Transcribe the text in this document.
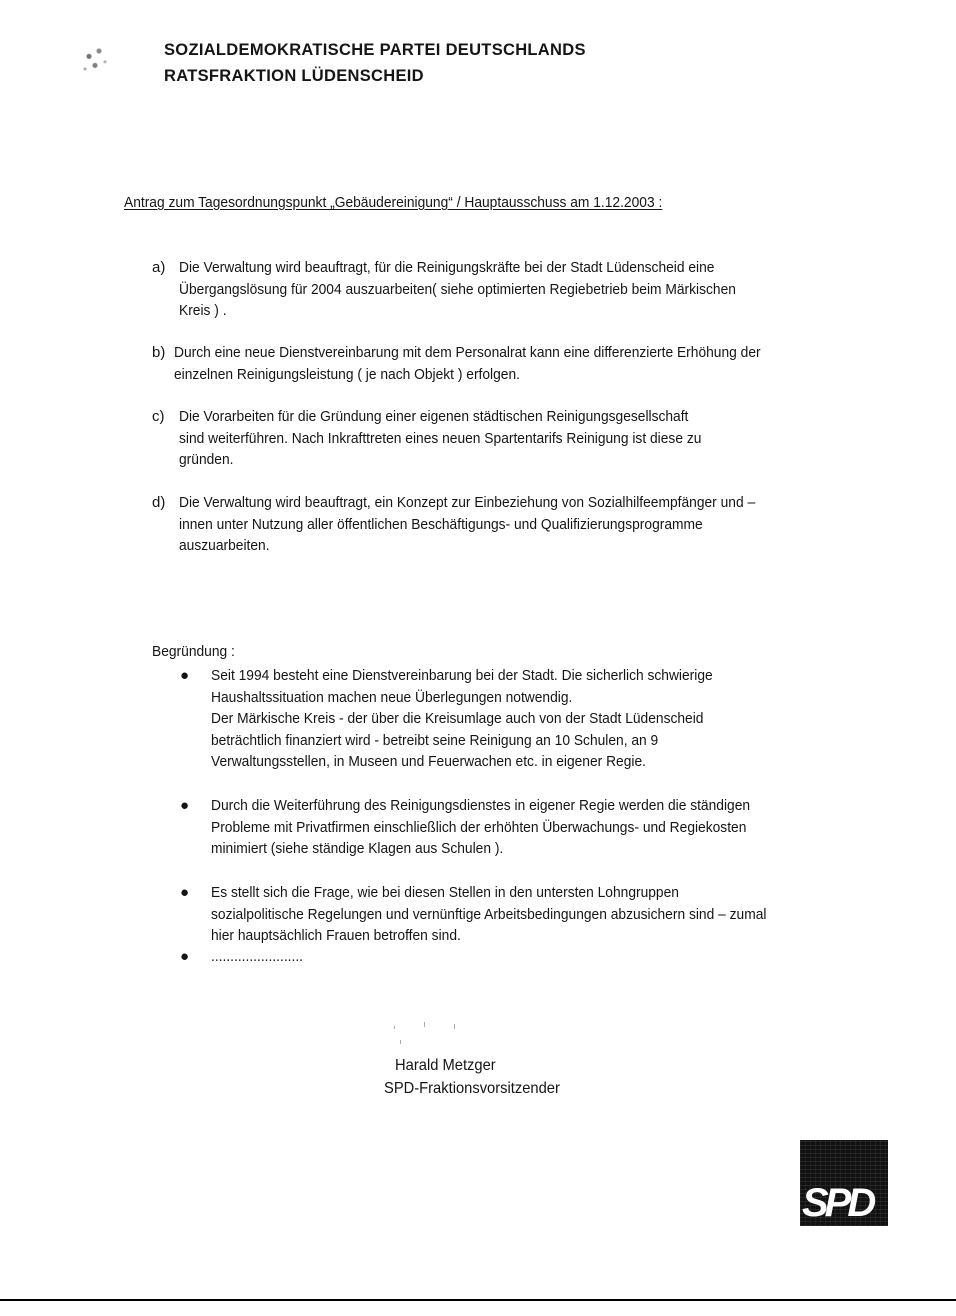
SOZIALDEMOKRATISCHE PARTEI DEUTSCHLANDS
RATSFRAKTION LÜDENSCHEID
Antrag zum Tagesordnungspunkt „Gebäudereinigung“ / Hauptausschuss am 1.12.2003 :
a) Die Verwaltung wird beauftragt, für die Reinigungskräfte bei der Stadt Lüdenscheid eine
Übergangslösung für 2004 auszuarbeiten( siehe optimierten Regiebetrieb beim Märkischen
Kreis ) .
b) Durch eine neue Dienstvereinbarung mit dem Personalrat kann eine differenzierte Erhöhung der
einzelnen Reinigungsleistung ( je nach Objekt ) erfolgen.
c) Die Vorarbeiten für die Gründung einer eigenen städtischen Reinigungsgesellschaft
sind weiterführen. Nach Inkrafttreten eines neuen Spartentarifs Reinigung ist diese zu
gründen.
d) Die Verwaltung wird beauftragt, ein Konzept zur Einbeziehung von Sozialhilfeempfänger und –
innen unter Nutzung aller öffentlichen Beschäftigungs- und Qualifizierungsprogramme
auszuarbeiten.
Begründung :
● Seit 1994 besteht eine Dienstvereinbarung bei der Stadt. Die sicherlich schwierige
Haushaltssituation machen neue Überlegungen notwendig.
Der Märkische Kreis - der über die Kreisumlage auch von der Stadt Lüdenscheid
beträchtlich finanziert wird - betreibt seine Reinigung an 10 Schulen, an 9
Verwaltungsstellen, in Museen und Feuerwachen etc. in eigener Regie.
● Durch die Weiterführung des Reinigungsdienstes in eigener Regie werden die ständigen
Probleme mit Privatfirmen einschließlich der erhöhten Überwachungs- und Regiekosten
minimiert (siehe ständige Klagen aus Schulen ).
● Es stellt sich die Frage, wie bei diesen Stellen in den untersten Lohngruppen
sozialpolitische Regelungen und vernünftige Arbeitsbedingungen abzusichern sind – zumal
hier hauptsächlich Frauen betroffen sind.
● ........................
Harald Metzger
SPD-Fraktionsvorsitzender
SPD
